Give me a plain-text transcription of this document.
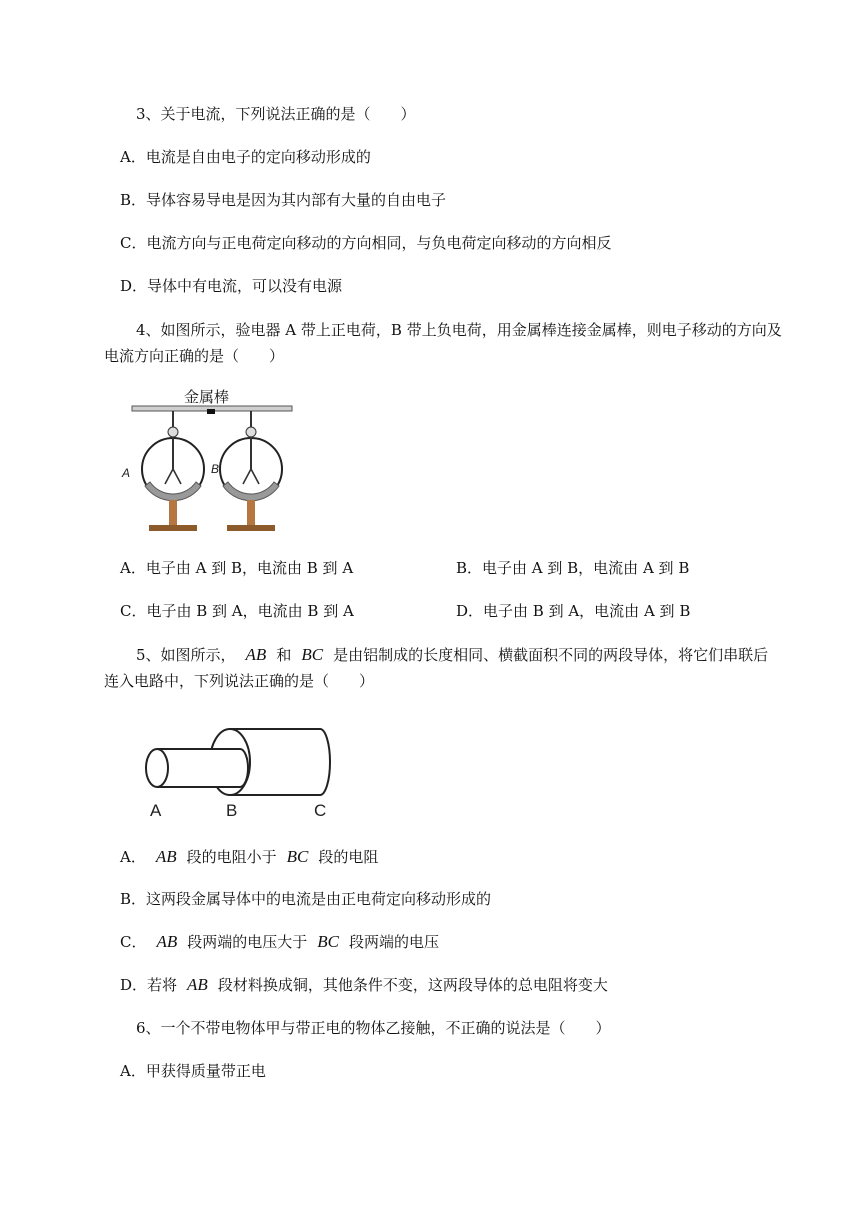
3、关于电流，下列说法正确的是（　　）
A．电流是自由电子的定向移动形成的
B．导体容易导电是因为其内部有大量的自由电子
C．电流方向与正电荷定向移动的方向相同，与负电荷定向移动的方向相反
D．导体中有电流，可以没有电源
4、如图所示，验电器 A 带上正电荷，B 带上负电荷，用金属棒连接金属棒，则电子移动的方向及
电流方向正确的是（　　）
金属棒
A	B
A．电子由 A 到 B，电流由 B 到 A	B．电子由 A 到 B，电流由 A 到 B
C．电子由 B 到 A，电流由 B 到 A	D．电子由 B 到 A，电流由 A 到 B
5、如图所示， AB 和 BC 是由铝制成的长度相同、横截面积不同的两段导体，将它们串联后
连入电路中，下列说法正确的是（　　）
A	B	C
A． AB 段的电阻小于 BC 段的电阻
B．这两段金属导体中的电流是由正电荷定向移动形成的
C． AB 段两端的电压大于 BC 段两端的电压
D．若将 AB 段材料换成铜，其他条件不变，这两段导体的总电阻将变大
6、一个不带电物体甲与带正电的物体乙接触，不正确的说法是（　　）
A．甲获得质量带正电
